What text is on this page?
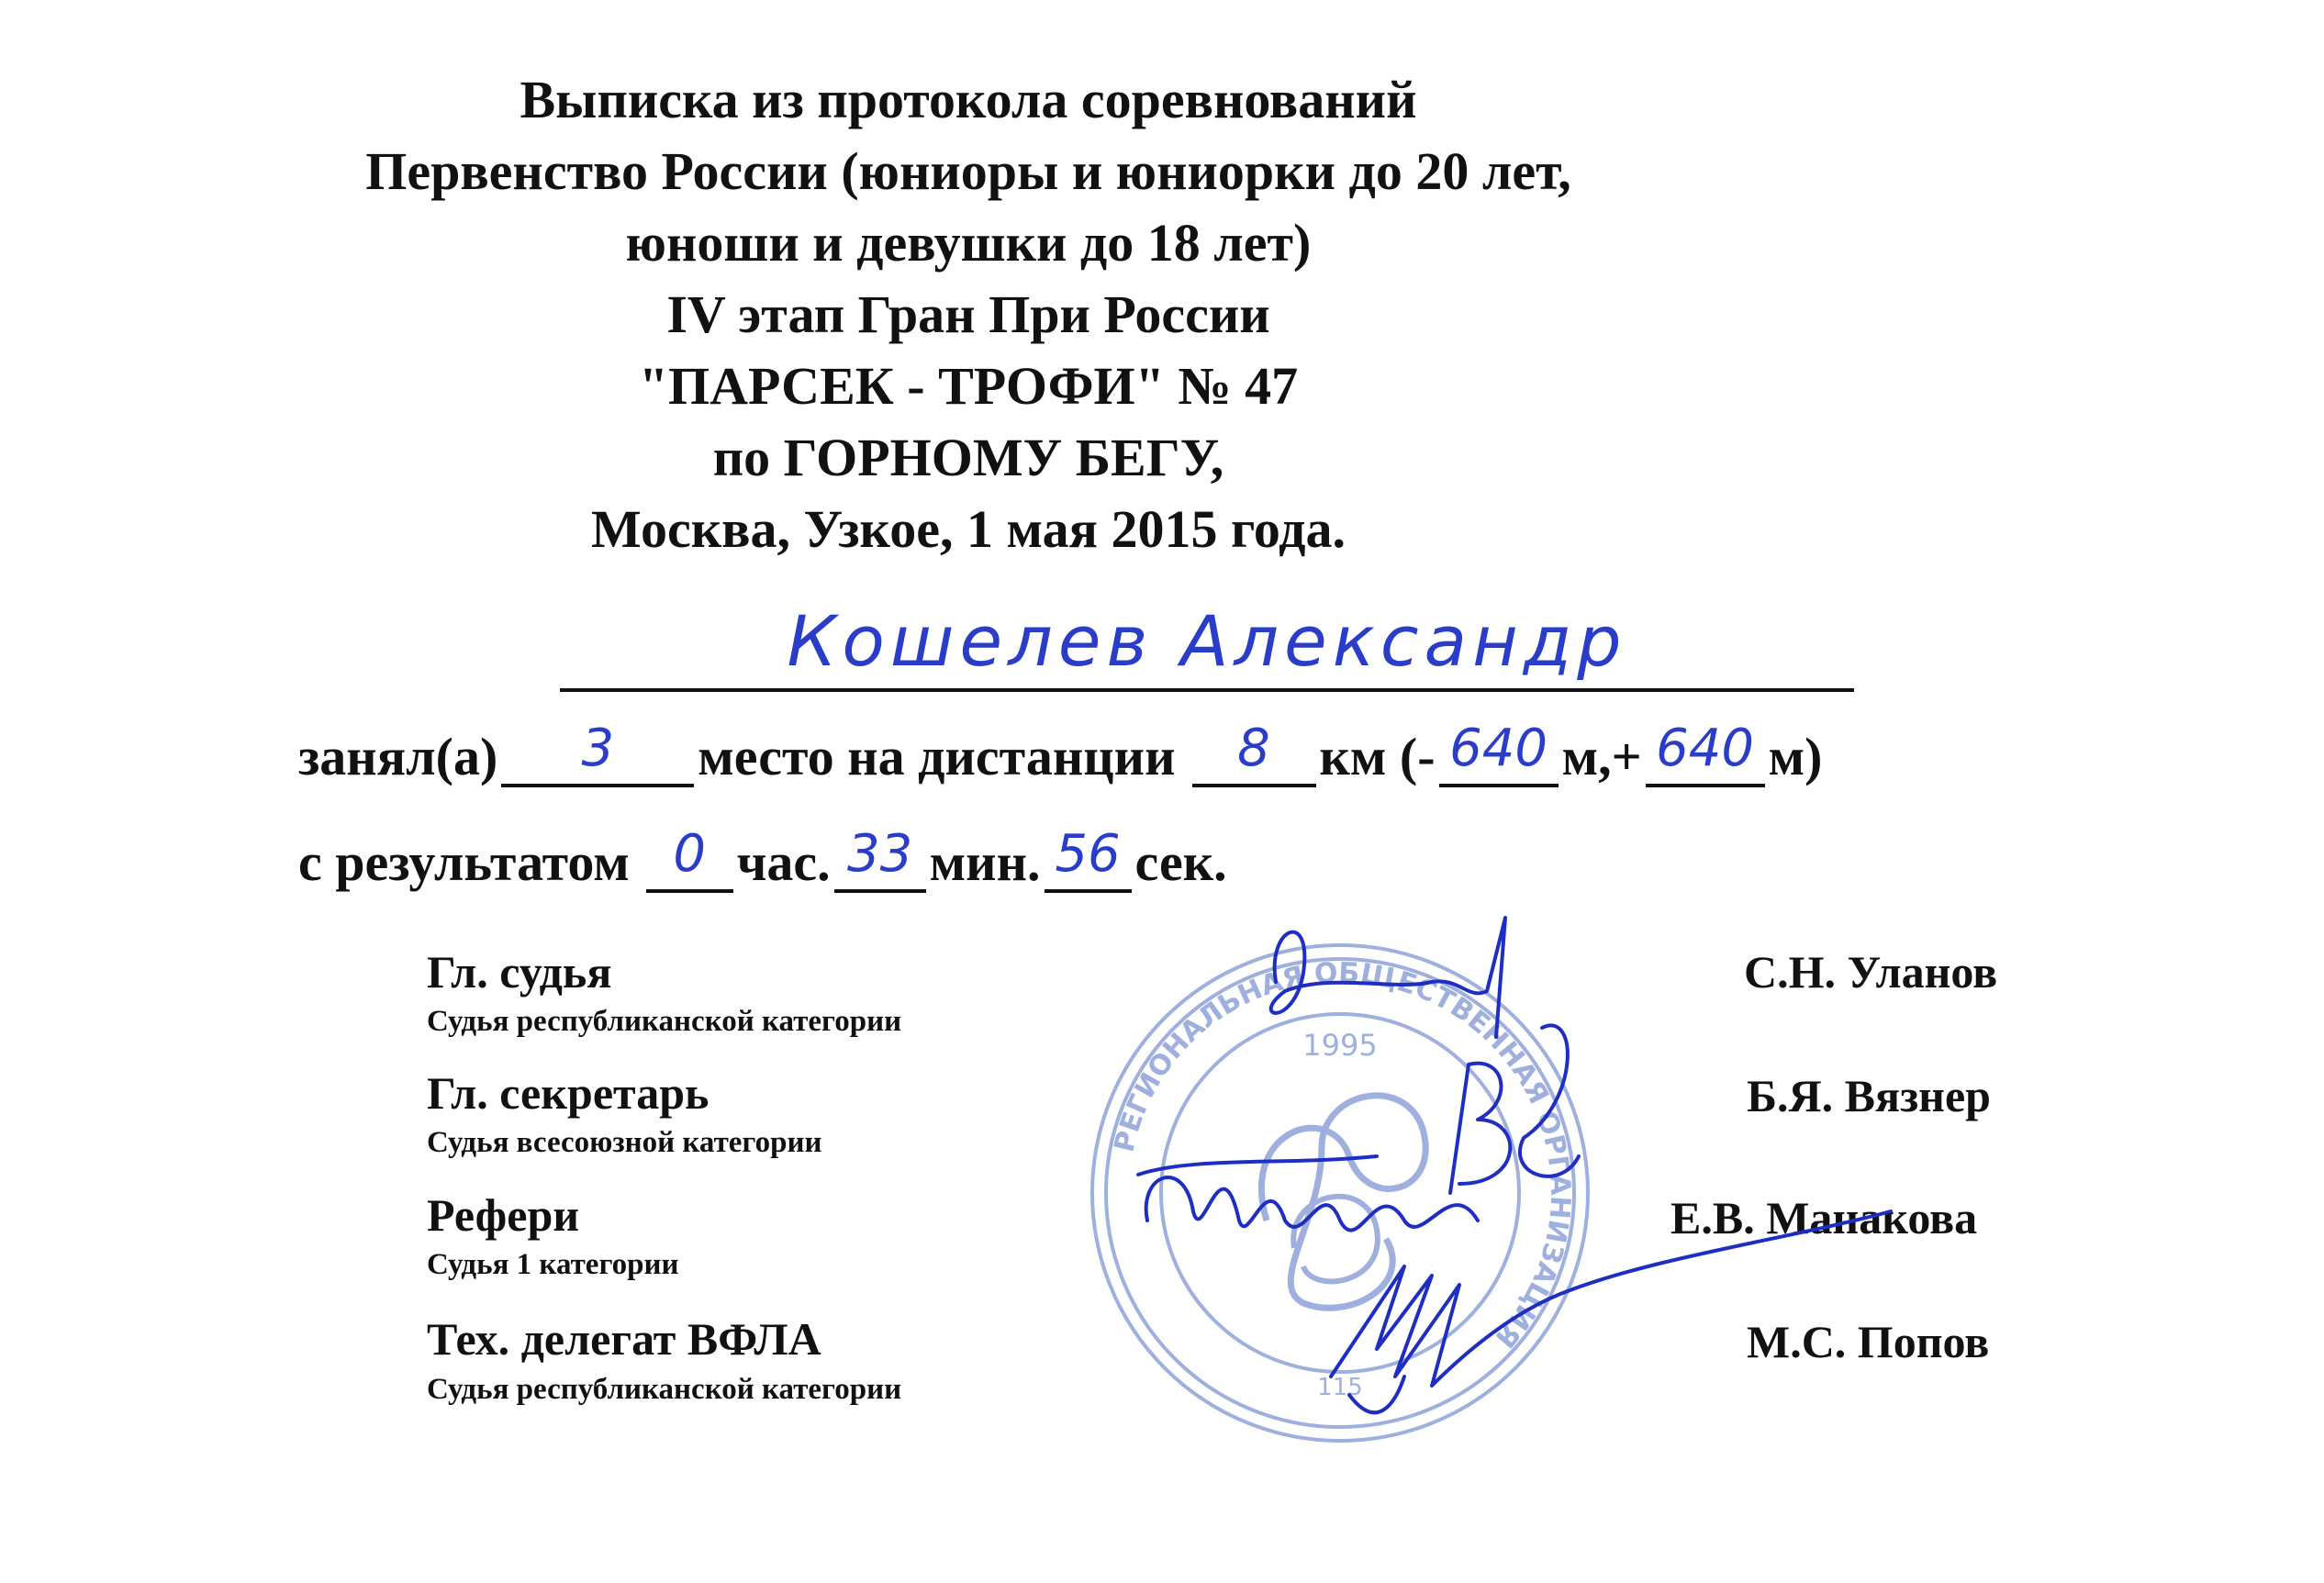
Выписка из протокола соревнований
Первенство России (юниоры и юниорки до 20 лет,
юноши и девушки до 18 лет)
IV этап Гран При России
"ПАРСЕК - ТРОФИ" № 47
по ГОРНОМУ БЕГУ,
Москва, Узкое, 1 мая 2015 года.
Кошелев Александр
занял(а)	3	место на дистанции	8 км (- 640 м,+ 640 м)
с результатом 0 час. 33 мин. 56 сек.
Гл. судья
Судья республиканской категории
С.Н. Уланов
Гл. секретарь
Судья всесоюзной категории
Б.Я. Вязнер
Рефери
Судья 1 категории
Е.В. Манакова
Тех. делегат ВФЛА
Судья республиканской категории
М.С. Попов
РЕГИОНАЛЬНАЯ ОБЩЕСТВЕННАЯ ОРГАНИЗАЦИЯ
1995
115
